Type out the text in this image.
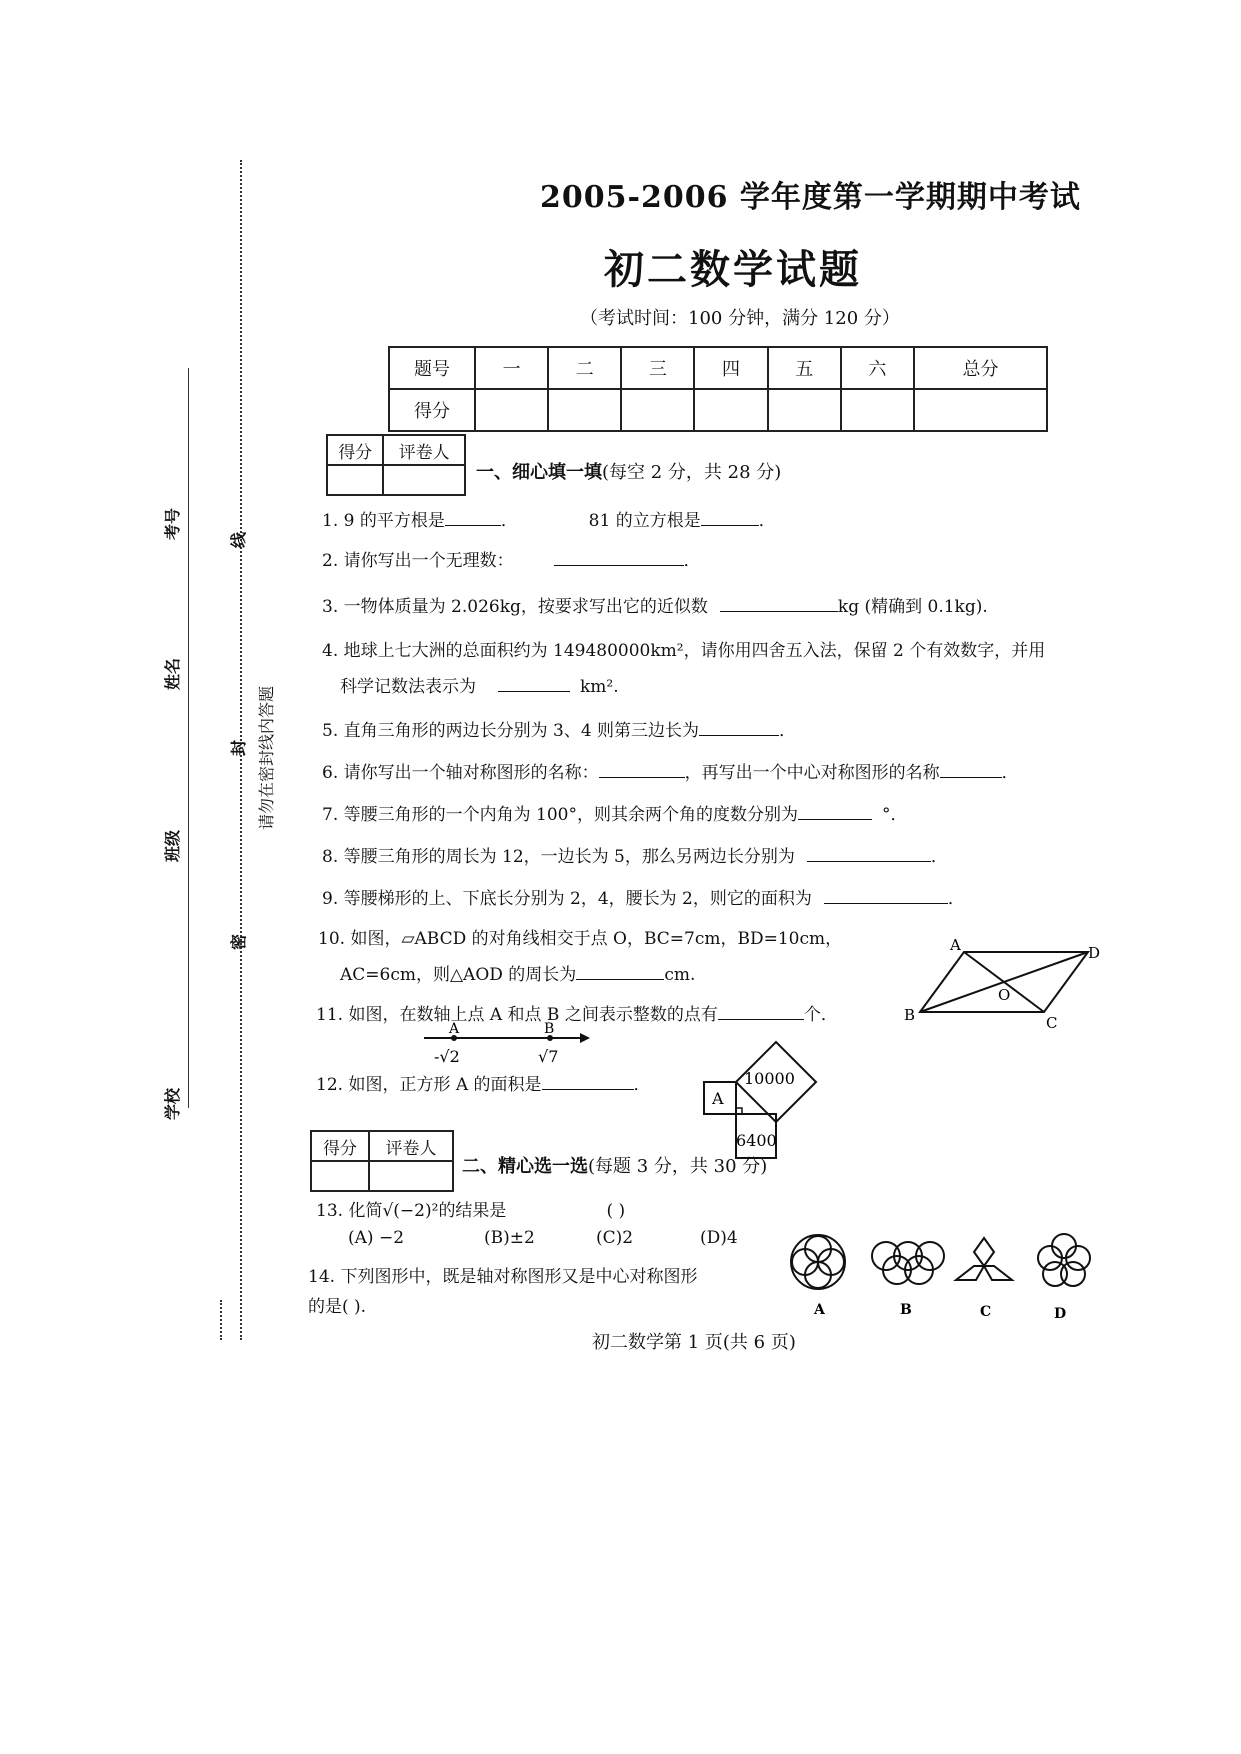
学校
班级
姓名
考号
密
封
线
请勿在密封线内答题
2005-2006 学年度第一学期期中考试
初二数学试题
（考试时间：100 分钟，满分 120 分）
题号	一	二	三	四	五	六	总分
得分							
得分	评卷人

一、细心填一填(每空 2 分，共 28 分)
1. 9 的平方根是	．	81 的立方根是	．
2. 请你写出一个无理数：	．
3. 一物体质量为 2.026kg，按要求写出它的近似数	kg (精确到 0.1kg).
4. 地球上七大洲的总面积约为 149480000km²，请你用四舍五入法，保留 2 个有效数字，并用
科学记数法表示为	km².
5. 直角三角形的两边长分别为 3、4 则第三边长为	．
6. 请你写出一个轴对称图形的名称：	，再写出一个中心对称图形的名称	．
7. 等腰三角形的一个内角为 100°，则其余两个角的度数分别为	°．
8. 等腰三角形的周长为 12，一边长为 5，那么另两边长分别为	．
9. 等腰梯形的上、下底长分别为 2，4，腰长为 2，则它的面积为	．
10. 如图，▱ABCD 的对角线相交于点 O，BC=7cm，BD=10cm，
AC=6cm，则△AOD 的周长为	cm.
A	D
B	C
O
11. 如图，在数轴上点 A 和点 B 之间表示整数的点有	个．
A	B
-√2	√7
12. 如图，正方形 A 的面积是	．
A
10000
6400
得分	评卷人

二、精心选一选(每题 3 分，共 30 分)
13. 化简√(−2)²的结果是	( )
(A) −2	(B)±2	(C)2	(D)4
14. 下列图形中，既是轴对称图形又是中心对称图形
的是( ).	A	B	C	D
初二数学第 1 页(共 6 页)
